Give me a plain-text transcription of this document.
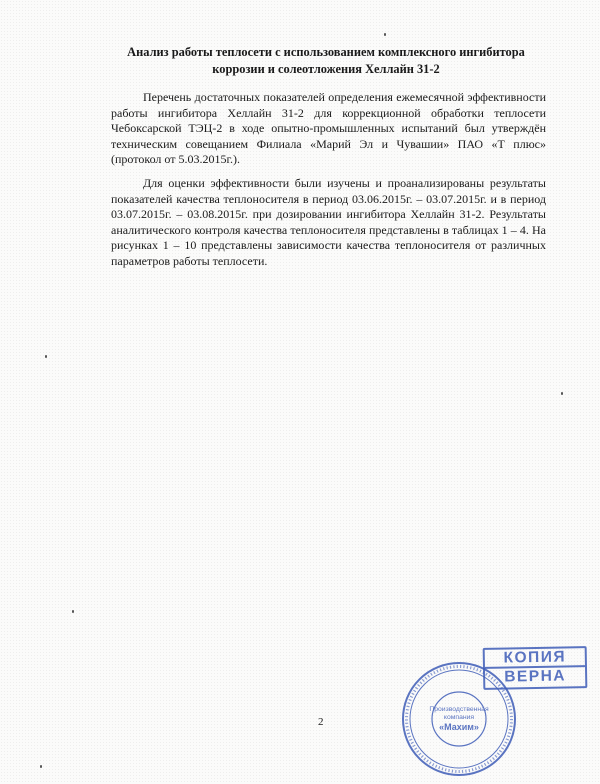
Анализ работы теплосети с использованием комплексного ингибитора
коррозии и солеотложения Хеллайн 31-2

Перечень достаточных показателей определения ежемесячной эффективности работы ингибитора Хеллайн 31-2 для коррекционной обработки теплосети Чебоксарской ТЭЦ-2 в ходе опытно-промышленных испытаний был утверждён техническим совещанием Филиала «Марий Эл и Чувашии» ПАО «Т плюс» (протокол от 5.03.2015г.).

Для оценки эффективности были изучены и проанализированы результаты показателей качества теплоносителя в период 03.06.2015г. – 03.07.2015г. и в период 03.07.2015г. – 03.08.2015г. при дозировании ингибитора Хеллайн 31-2. Результаты аналитического контроля качества теплоносителя представлены в таблицах 1 – 4. На рисунках 1 – 10 представлены зависимости качества теплоносителя от различных параметров работы теплосети.

2
КОПИЯ
ВЕРНА
Производственная
компания
«Махим»
